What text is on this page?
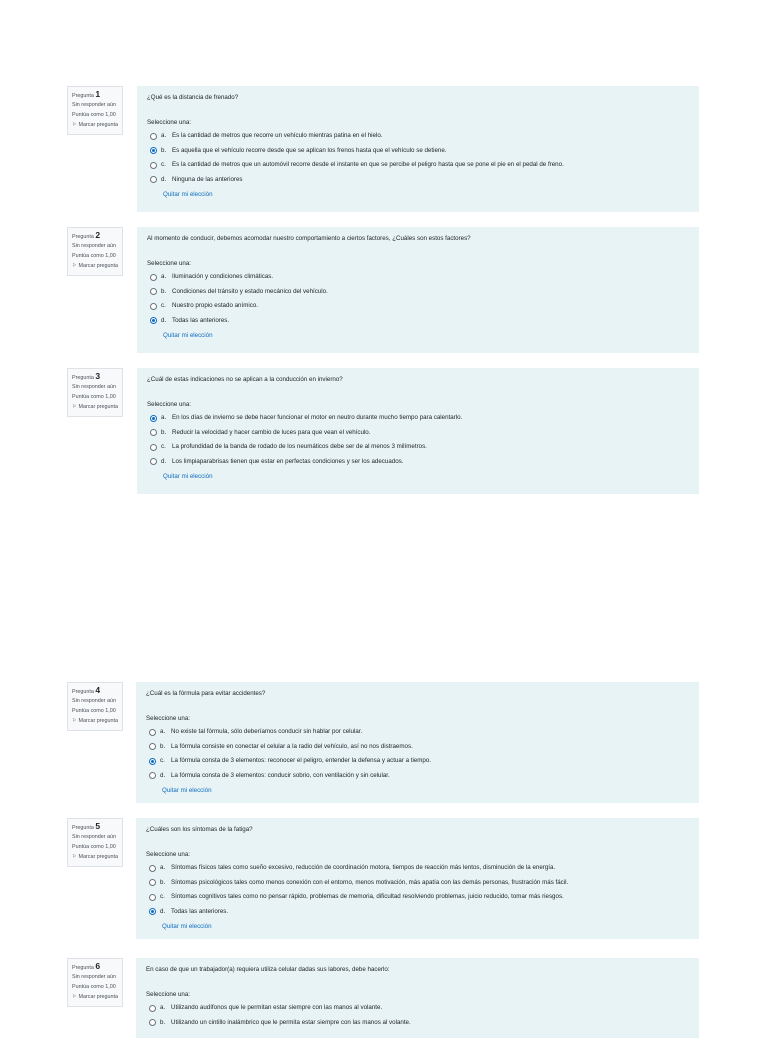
Pregunta 1
Sin responder aún
Puntúa como 1,00
⚐ Marcar pregunta
¿Qué es la distancia de frenado?
Seleccione una:
a. Es la cantidad de metros que recorre un vehículo mientras patina en el hielo.
b. Es aquella que el vehículo recorre desde que se aplican los frenos hasta que el vehículo se detiene.
c. Es la cantidad de metros que un automóvil recorre desde el instante en que se percibe el peligro hasta que se pone el pie en el pedal de freno.
d. Ninguna de las anteriores
Quitar mi elección
Pregunta 2
Sin responder aún
Puntúa como 1,00
⚐ Marcar pregunta
Al momento de conducir, debemos acomodar nuestro comportamiento a ciertos factores, ¿Cuáles son estos factores?
Seleccione una:
a. Iluminación y condiciones climáticas.
b. Condiciones del tránsito y estado mecánico del vehículo.
c. Nuestro propio estado anímico.
d. Todas las anteriores.
Quitar mi elección
Pregunta 3
Sin responder aún
Puntúa como 1,00
⚐ Marcar pregunta
¿Cuál de estas indicaciones no se aplican a la conducción en invierno?
Seleccione una:
a. En los días de invierno se debe hacer funcionar el motor en neutro durante mucho tiempo para calentarlo.
b. Reducir la velocidad y hacer cambio de luces para que vean el vehículo.
c. La profundidad de la banda de rodado de los neumáticos debe ser de al menos 3 milímetros.
d. Los limpiaparabrisas tienen que estar en perfectas condiciones y ser los adecuados.
Quitar mi elección
Pregunta 4
Sin responder aún
Puntúa como 1,00
⚐ Marcar pregunta
¿Cuál es la fórmula para evitar accidentes?
Seleccione una:
a. No existe tal fórmula, sólo deberíamos conducir sin hablar por celular.
b. La fórmula consiste en conectar el celular a la radio del vehículo, así no nos distraemos.
c. La fórmula consta de 3 elementos: reconocer el peligro, entender la defensa y actuar a tiempo.
d. La fórmula consta de 3 elementos: conducir sobrio, con ventilación y sin celular.
Quitar mi elección
Pregunta 5
Sin responder aún
Puntúa como 1,00
⚐ Marcar pregunta
¿Cuáles son los síntomas de la fatiga?
Seleccione una:
a. Síntomas físicos tales como sueño excesivo, reducción de coordinación motora, tiempos de reacción más lentos, disminución de la energía.
b. Síntomas psicológicos tales como menos conexión con el entorno, menos motivación, más apatía con las demás personas, frustración más fácil.
c. Síntomas cognitivos tales como no pensar rápido, problemas de memoria, dificultad resolviendo problemas, juicio reducido, tomar más riesgos.
d. Todas las anteriores.
Quitar mi elección
Pregunta 6
Sin responder aún
Puntúa como 1,00
⚐ Marcar pregunta
En caso de que un trabajador(a) requiera utiliza celular dadas sus labores, debe hacerlo:
Seleccione una:
a. Utilizando audífonos que le permitan estar siempre con las manos al volante.
b. Utilizando un cintillo inalámbrico que le permita estar siempre con las manos al volante.
